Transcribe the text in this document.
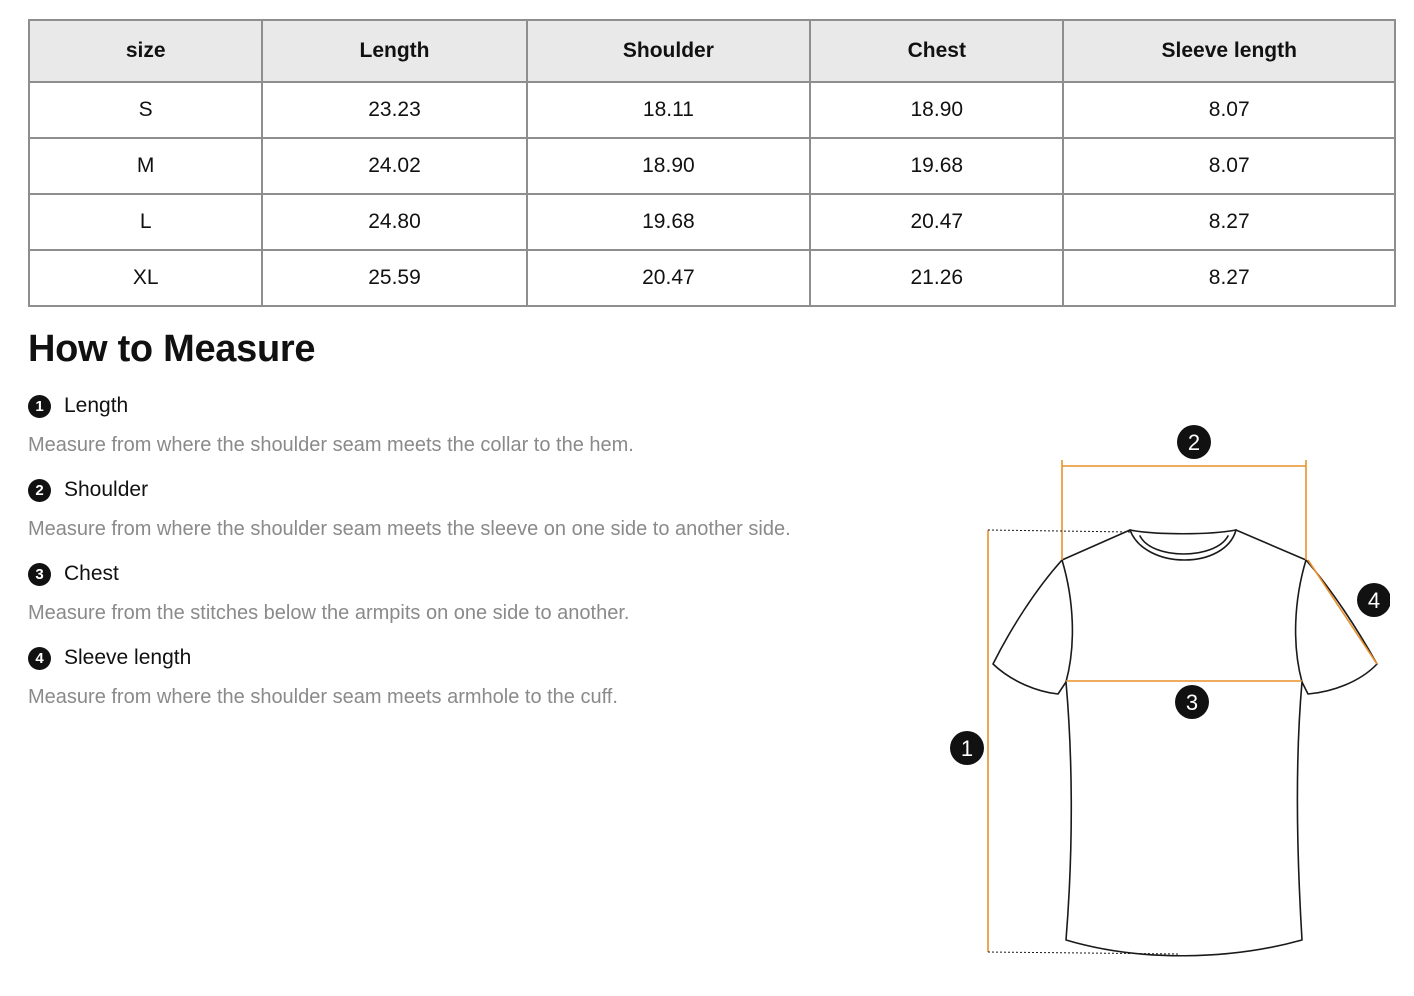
size	Length	Shoulder	Chest	Sleeve length
S	23.23	18.11	18.90	8.07
M	24.02	18.90	19.68	8.07
L	24.80	19.68	20.47	8.27
XL	25.59	20.47	21.26	8.27
How to Measure
1 Length
Measure from where the shoulder seam meets the collar to the hem.
2 Shoulder
Measure from where the shoulder seam meets the sleeve on one side to another side.
3 Chest
Measure from the stitches below the armpits on one side to another.
4 Sleeve length
Measure from where the shoulder seam meets armhole to the cuff.
2
4
3
1
